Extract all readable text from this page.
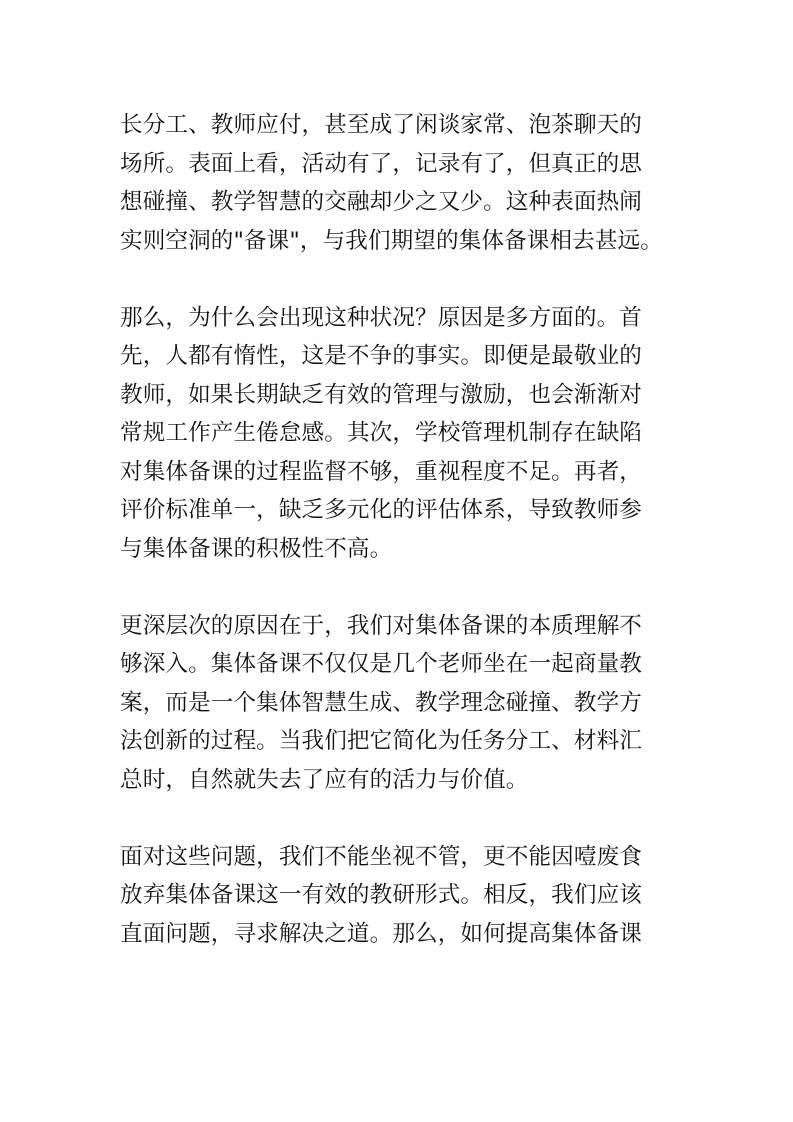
长分工、教师应付，甚至成了闲谈家常、泡茶聊天的
场所。表面上看，活动有了，记录有了，但真正的思
想碰撞、教学智慧的交融却少之又少。这种表面热闹
实则空洞的"备课"，与我们期望的集体备课相去甚远。
那么，为什么会出现这种状况？原因是多方面的。首
先，人都有惰性，这是不争的事实。即便是最敬业的
教师，如果长期缺乏有效的管理与激励，也会渐渐对
常规工作产生倦怠感。其次，学校管理机制存在缺陷
对集体备课的过程监督不够，重视程度不足。再者，
评价标准单一，缺乏多元化的评估体系，导致教师参
与集体备课的积极性不高。
更深层次的原因在于，我们对集体备课的本质理解不
够深入。集体备课不仅仅是几个老师坐在一起商量教
案，而是一个集体智慧生成、教学理念碰撞、教学方
法创新的过程。当我们把它简化为任务分工、材料汇
总时，自然就失去了应有的活力与价值。
面对这些问题，我们不能坐视不管，更不能因噎废食
放弃集体备课这一有效的教研形式。相反，我们应该
直面问题，寻求解决之道。那么，如何提高集体备课
